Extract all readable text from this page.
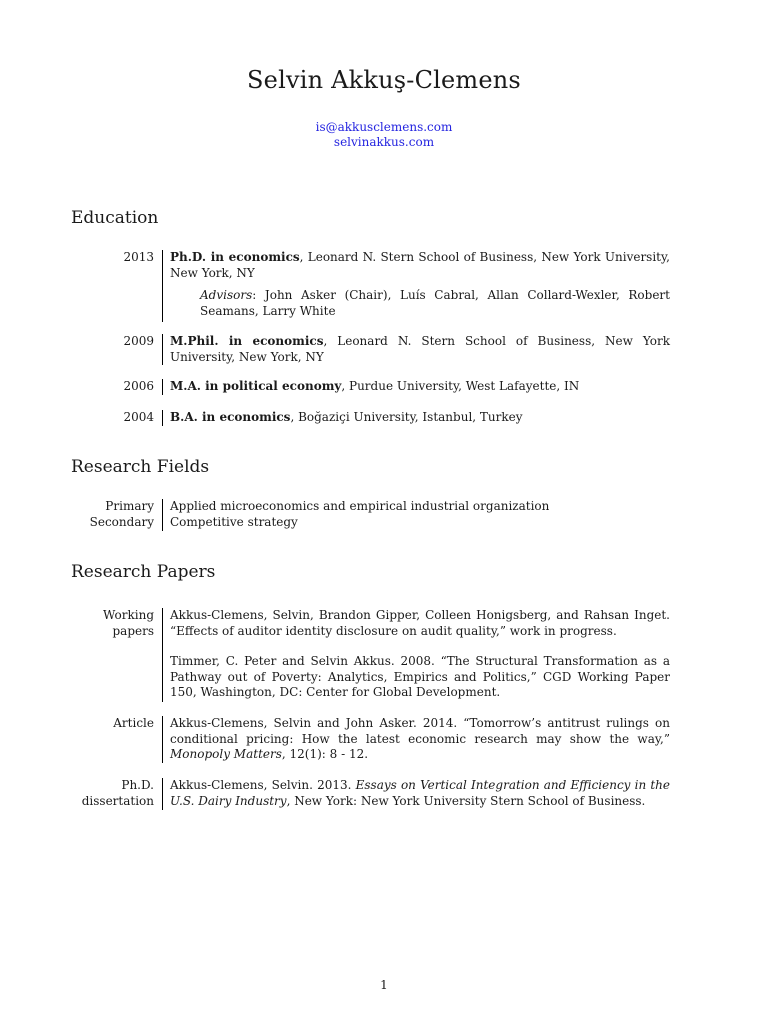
Selvin Akkuş-Clemens
is@akkusclemens.com
selvinakkus.com
Education
2013 Ph.D. in economics, Leonard N. Stern School of Business, New York University, New York, NY
Advisors: John Asker (Chair), Luís Cabral, Allan Collard-Wexler, Robert Seamans, Larry White
2009 M.Phil. in economics, Leonard N. Stern School of Business, New York University, New York, NY
2006 M.A. in political economy, Purdue University, West Lafayette, IN
2004 B.A. in economics, Boğaziçi University, Istanbul, Turkey
Research Fields
Primary
Secondary
Applied microeconomics and empirical industrial organization
Competitive strategy
Research Papers
Working
papers
Akkus-Clemens, Selvin, Brandon Gipper, Colleen Honigsberg, and Rahsan Inget. “Effects of auditor identity disclosure on audit quality,” work in progress.
Timmer, C. Peter and Selvin Akkus. 2008. “The Structural Transformation as a Pathway out of Poverty: Analytics, Empirics and Politics,” CGD Working Paper 150, Washington, DC: Center for Global Development.
Article Akkus-Clemens, Selvin and John Asker. 2014. “Tomorrow’s antitrust rulings on conditional pricing: How the latest economic research may show the way,” Monopoly Matters, 12(1): 8 - 12.
Ph.D.
dissertation
Akkus-Clemens, Selvin. 2013. Essays on Vertical Integration and Efficiency in the U.S. Dairy Industry, New York: New York University Stern School of Business.
1
